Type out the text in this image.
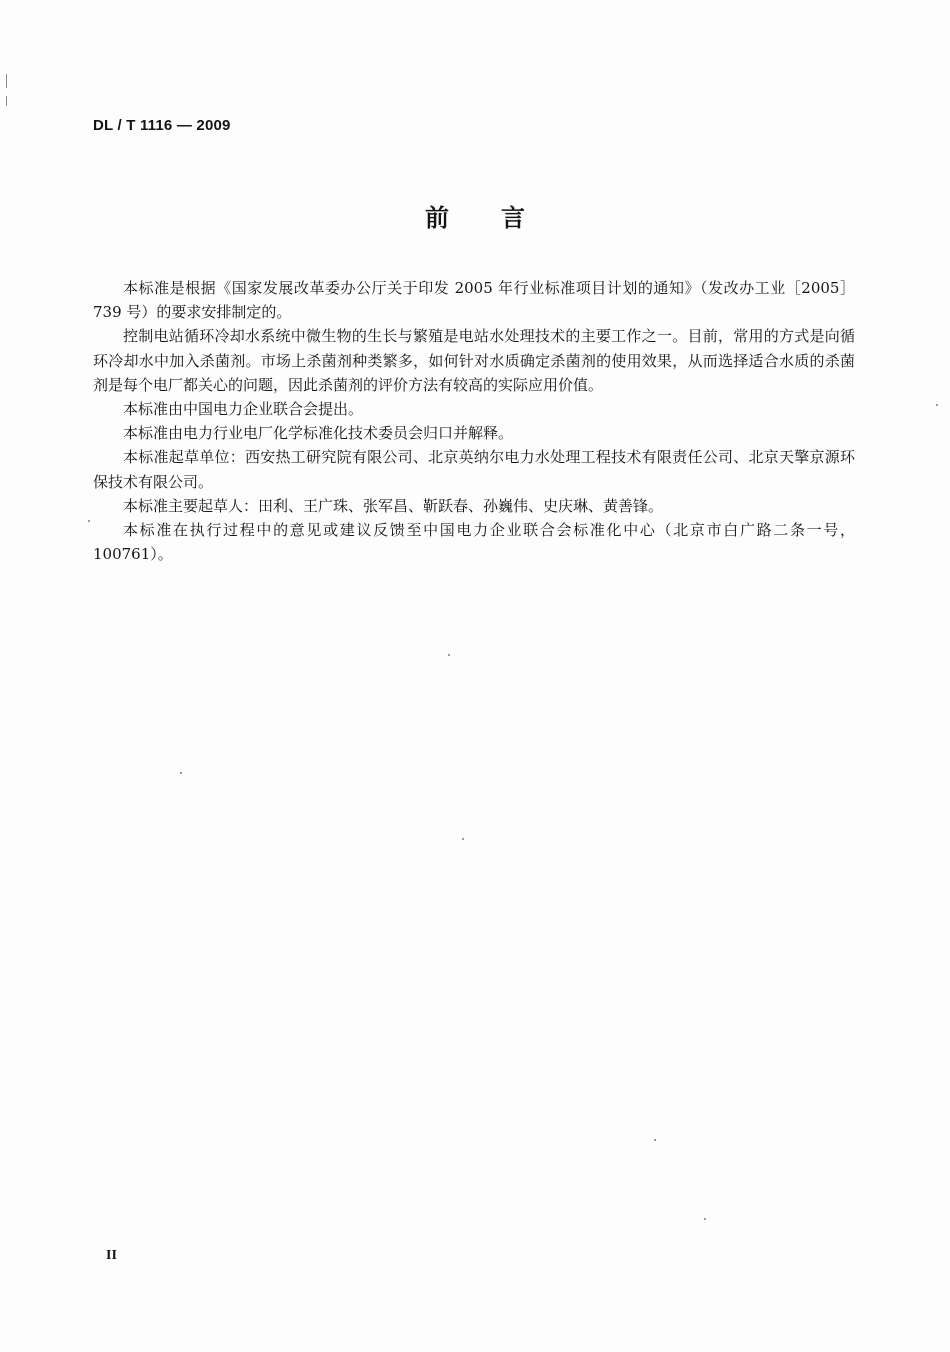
DL / T 1116 — 2009
前言

本标准是根据《国家发展改革委办公厅关于印发 2005 年行业标准项目计划的通知》（发改办工业［2005］739 号）的要求安排制定的。

控制电站循环冷却水系统中微生物的生长与繁殖是电站水处理技术的主要工作之一。目前，常用的方式是向循环冷却水中加入杀菌剂。市场上杀菌剂种类繁多，如何针对水质确定杀菌剂的使用效果，从而选择适合水质的杀菌剂是每个电厂都关心的问题，因此杀菌剂的评价方法有较高的实际应用价值。

本标准由中国电力企业联合会提出。

本标准由电力行业电厂化学标准化技术委员会归口并解释。

本标准起草单位：西安热工研究院有限公司、北京英纳尔电力水处理工程技术有限责任公司、北京天擎京源环保技术有限公司。

本标准主要起草人：田利、王广珠、张军昌、靳跃春、孙巍伟、史庆琳、黄善锋。

本标准在执行过程中的意见或建议反馈至中国电力企业联合会标准化中心（北京市白广路二条一号，100761）。

II
